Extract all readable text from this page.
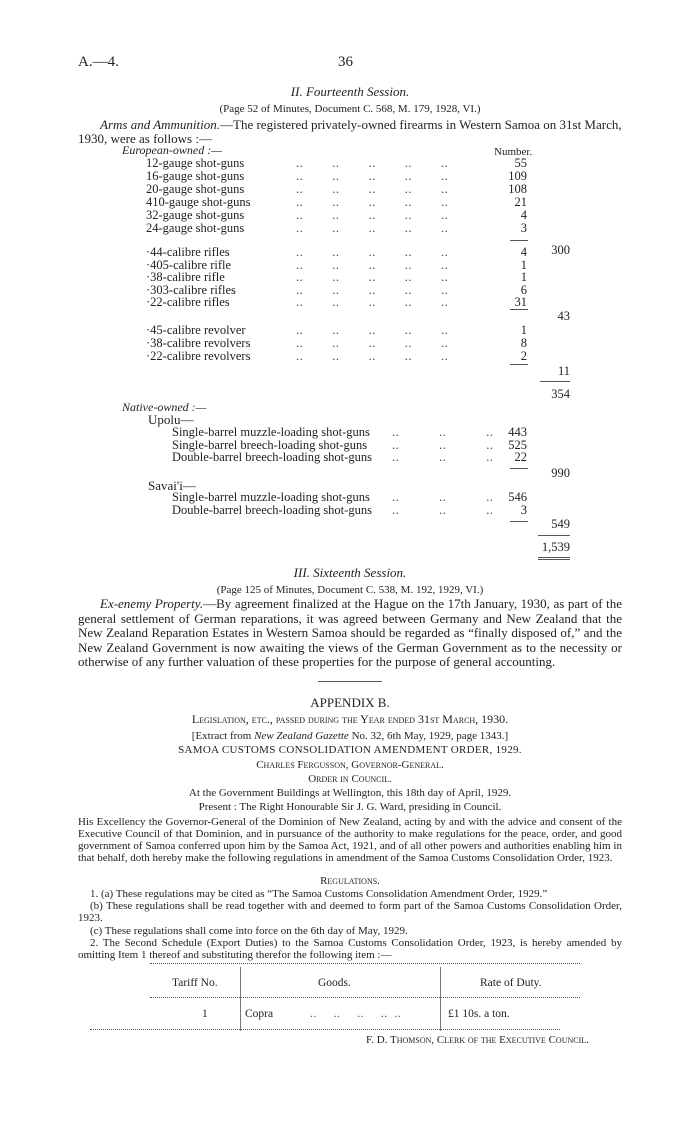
A.—4.	36
II. Fourteenth Session.
(Page 52 of Minutes, Document C. 568, M. 179, 1928, VI.)
Arms and Ammunition.—The registered privately-owned firearms in Western Samoa on 31st March,
1930, were as follows :—
European-owned :—	Number.
12-gauge shot-guns	..        ..        ..        ..        ..	55
16-gauge shot-guns	..        ..        ..        ..        ..	109
20-gauge shot-guns	..        ..        ..        ..        ..	108
410-gauge shot-guns	..        ..        ..        ..        ..	21
32-gauge shot-guns	..        ..        ..        ..        ..	4
24-gauge shot-guns	..        ..        ..        ..        ..	3
300
·44-calibre rifles	..        ..        ..        ..        ..	4
·405-calibre rifle	..        ..        ..        ..        ..	1
·38-calibre rifle	..        ..        ..        ..        ..	1
·303-calibre rifles	..        ..        ..        ..        ..	6
·22-calibre rifles	..        ..        ..        ..        ..	31
43
·45-calibre revolver	..        ..        ..        ..        ..	1
·38-calibre revolvers	..        ..        ..        ..        ..	8
·22-calibre revolvers	..        ..        ..        ..        ..	2
11
354
Native-owned :—
Upolu—
Single-barrel muzzle-loading shot-guns ..           ..           ..	443
Single-barrel breech-loading shot-guns ..           ..           ..	525
Double-barrel breech-loading shot-guns ..           ..           ..	22
990
Savai'i—
Single-barrel muzzle-loading shot-guns ..           ..           ..	546
Double-barrel breech-loading shot-guns ..           ..           ..	3
549
1,539
III. Sixteenth Session.
(Page 125 of Minutes, Document C. 538, M. 192, 1929, VI.)
Ex-enemy Property.—By agreement finalized at the Hague on the 17th January, 1930, as part of the general settlement of German reparations, it was agreed between Germany and New Zealand that the New Zealand Reparation Estates in Western Samoa should be regarded as “finally disposed of,” and the New Zealand Government is now awaiting the views of the German Government as to the necessity or otherwise of any further valuation of these properties for the purpose of general accounting.
APPENDIX B.
Legislation, etc., passed during the Year ended 31st March, 1930.
[Extract from New Zealand Gazette No. 32, 6th May, 1929, page 1343.]
SAMOA CUSTOMS CONSOLIDATION AMENDMENT ORDER, 1929.
Charles Fergusson, Governor-General.
Order in Council.
At the Government Buildings at Wellington, this 18th day of April, 1929.
Present : The Right Honourable Sir J. G. Ward, presiding in Council.
His Excellency the Governor-General of the Dominion of New Zealand, acting by and with the advice and consent of the Executive Council of that Dominion, and in pursuance of the authority to make regulations for the peace, order, and good government of Samoa conferred upon him by the Samoa Act, 1921, and of all other powers and authorities enabling him in that behalf, doth hereby make the following regulations in amendment of the Samoa Customs Consolidation Order, 1923.
Regulations.
1. (a) These regulations may be cited as “The Samoa Customs Consolidation Amendment Order, 1929.”
(b) These regulations shall be read together with and deemed to form part of the Samoa Customs Consolidation Order, 1923.
(c) These regulations shall come into force on the 6th day of May, 1929.
2. The Second Schedule (Export Duties) to the Samoa Customs Consolidation Order, 1923, is hereby amended by omitting Item 1 thereof and substituting therefor the following item :—
Tariff No.	Goods.	Rate of Duty.
1	Copra	..     ..     ..     ..  ..	£1 10s. a ton.
F. D. Thomson, Clerk of the Executive Council.
